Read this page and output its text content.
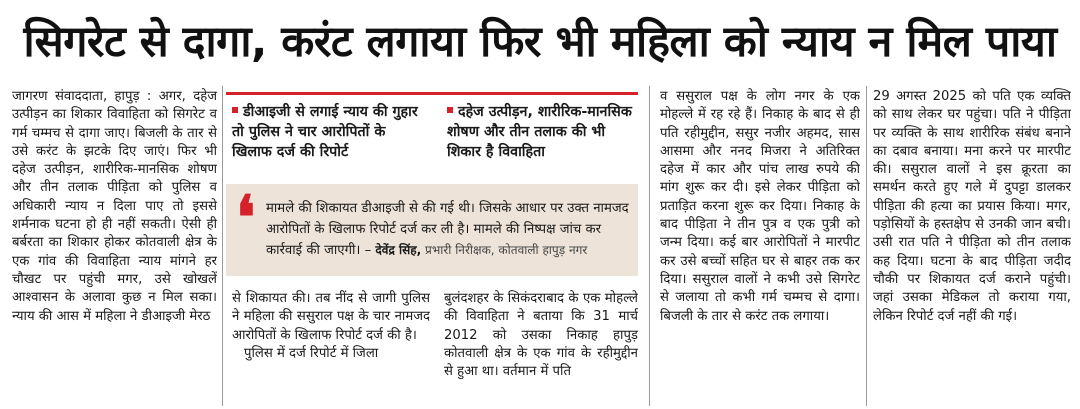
सिगरेट से दागा, करंट लगाया फिर भी महिला को न्याय न मिल पाया

जागरण संवाददाता, हापुड़ : अगर, दहेज उत्पीड़न का शिकार विवाहिता को सिगरेट व गर्म चम्मच से दागा जाए। बिजली के तार से उसे करंट के झटके दिए जाएं। फिर भी दहेज उत्पीड़न, शारीरिक-मानसिक शोषण और तीन तलाक पीड़िता को पुलिस व अधिकारी न्याय न दिला पाए तो इससे शर्मनाक घटना हो ही नहीं सकती। ऐसी ही बर्बरता का शिकार होकर कोतवाली क्षेत्र के एक गांव की विवाहिता न्याय मांगने हर चौखट पर पहुंची मगर, उसे खोखलें आश्वासन के अलावा कुछ न मिल सका। न्याय की आस में महिला ने डीआइजी मेरठ

डीआइजी से लगाई न्याय की गुहार तो पुलिस ने चार आरोपितों के खिलाफ दर्ज की रिपोर्ट
दहेज उत्पीड़न, शारीरिक-मानसिक शोषण और तीन तलाक की भी शिकार है विवाहिता
❛ मामले की शिकायत डीआइजी से की गई थी। जिसके आधार पर उक्त नामजद आरोपितों के खिलाफ रिपोर्ट दर्ज कर ली है। मामले की निष्पक्ष जांच कर कार्रवाई की जाएगी। – देवेंद्र सिंह, प्रभारी निरीक्षक, कोतवाली हापुड़ नगर

से शिकायत की। तब नींद से जागी पुलिस ने महिला की ससुराल पक्ष के चार नामजद आरोपितों के खिलाफ रिपोर्ट दर्ज की है।

पुलिस में दर्ज रिपोर्ट में जिला

बुलंदशहर के सिकंदराबाद के एक मोहल्ले की विवाहिता ने बताया कि 31 मार्च 2012 को उसका निकाह हापुड़ कोतवाली क्षेत्र के एक गांव के रहीमुद्दीन से हुआ था। वर्तमान में पति

व ससुराल पक्ष के लोग नगर के एक मोहल्ले में रह रहे हैं। निकाह के बाद से ही पति रहीमुद्दीन, ससुर नजीर अहमद, सास आसमा और ननद मिजरा ने अतिरिक्त दहेज में कार और पांच लाख रुपये की मांग शुरू कर दी। इसे लेकर पीड़िता को प्रताड़ित करना शुरू कर दिया। निकाह के बाद पीड़िता ने तीन पुत्र व एक पुत्री को जन्म दिया। कई बार आरोपितों ने मारपीट कर उसे बच्चों सहित घर से बाहर तक कर दिया। ससुराल वालों ने कभी उसे सिगरेट से जलाया तो कभी गर्म चम्मच से दागा। बिजली के तार से करंट तक लगाया।

29 अगस्त 2025 को पति एक व्यक्ति को साथ लेकर घर पहुंचा। पति ने पीड़िता पर व्यक्ति के साथ शारीरिक संबंध बनाने का दबाव बनाया। मना करने पर मारपीट की। ससुराल वालों ने इस क्रूरता का समर्थन करते हुए गले में दुपट्टा डालकर पीड़िता की हत्या का प्रयास किया। मगर, पड़ोसियों के हस्तक्षेप से उनकी जान बची। उसी रात पति ने पीड़िता को तीन तलाक कह दिया। घटना के बाद पीड़िता जदीद चौकी पर शिकायत दर्ज कराने पहुंची। जहां उसका मेडिकल तो कराया गया, लेकिन रिपोर्ट दर्ज नहीं की गई।
